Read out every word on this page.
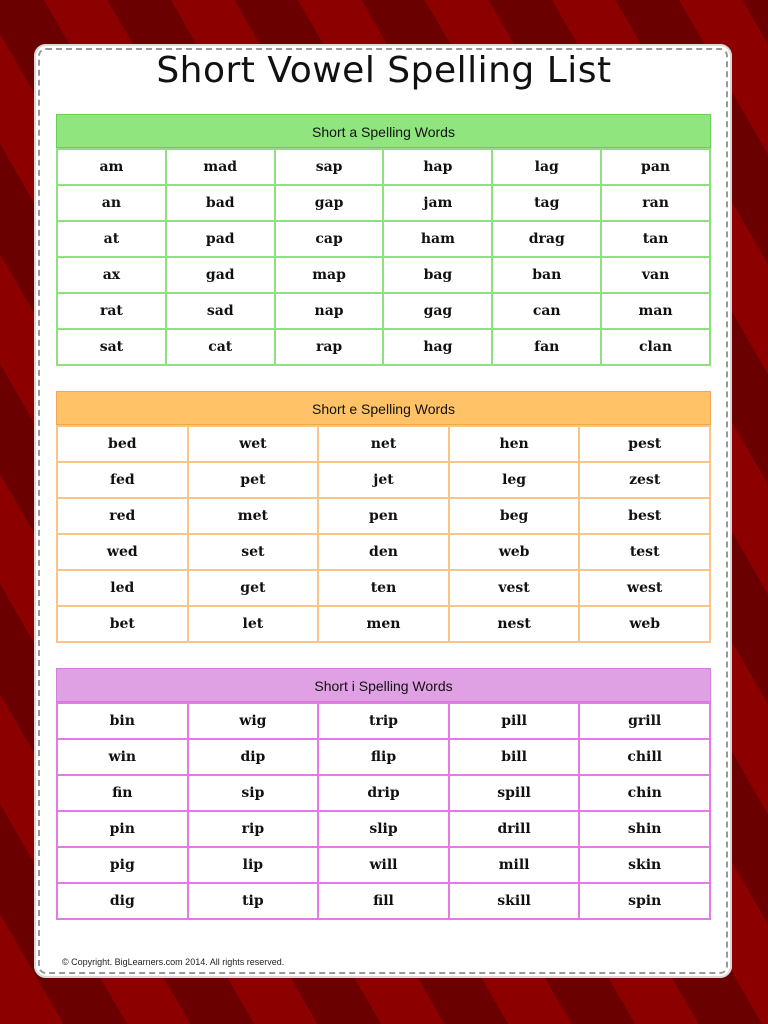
Short Vowel Spelling List
Short a Spelling Words
am	mad	sap	hap	lag	pan
an	bad	gap	jam	tag	ran
at	pad	cap	ham	drag	tan
ax	gad	map	bag	ban	van
rat	sad	nap	gag	can	man
sat	cat	rap	hag	fan	clan
Short e Spelling Words
bed	wet	net	hen	pest
fed	pet	jet	leg	zest
red	met	pen	beg	best
wed	set	den	web	test
led	get	ten	vest	west
bet	let	men	nest	web
Short i Spelling Words
bin	wig	trip	pill	grill
win	dip	flip	bill	chill
fin	sip	drip	spill	chin
pin	rip	slip	drill	shin
pig	lip	will	mill	skin
dig	tip	fill	skill	spin
© Copyright. BigLearners.com 2014. All rights reserved.
